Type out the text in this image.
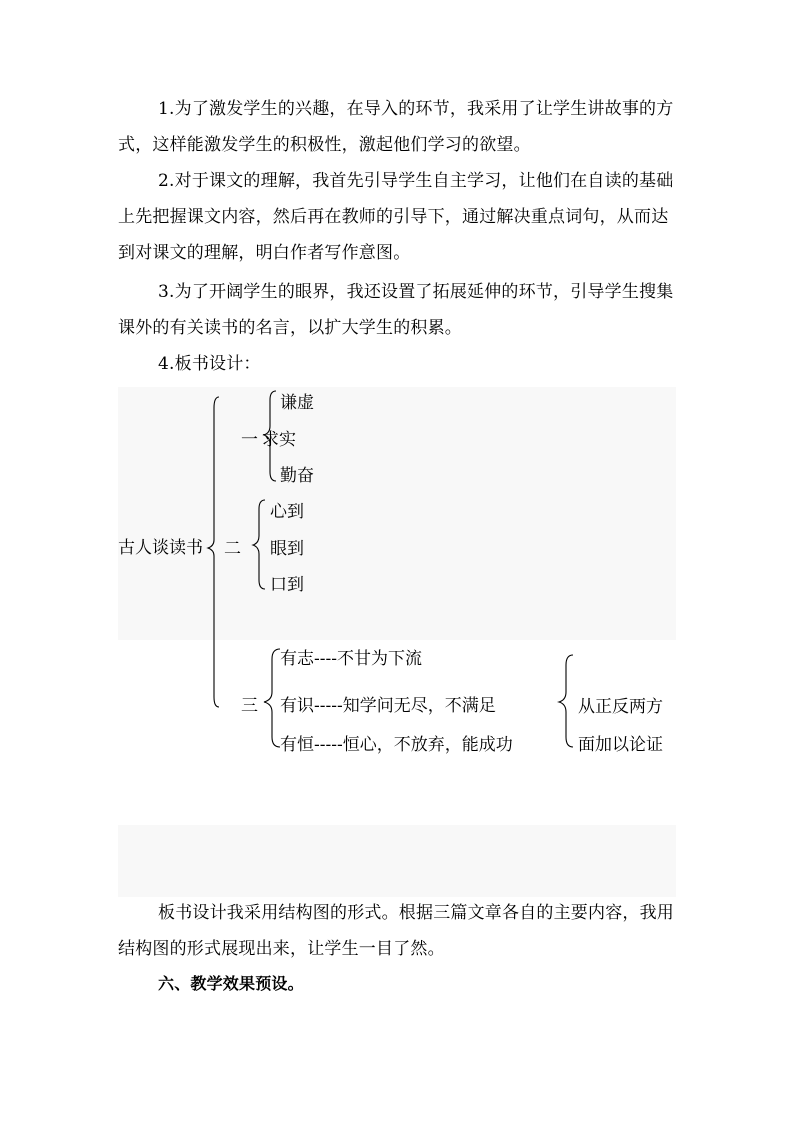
1.为了激发学生的兴趣，在导入的环节，我采用了让学生讲故事的方式，这样能激发学生的积极性，激起他们学习的欲望。

2.对于课文的理解，我首先引导学生自主学习，让他们在自读的基础上先把握课文内容，然后再在教师的引导下，通过解决重点词句，从而达到对课文的理解，明白作者写作意图。

3.为了开阔学生的眼界，我还设置了拓展延伸的环节，引导学生搜集课外的有关读书的名言，以扩大学生的积累。

4.板书设计：

古人谈读书
一
谦虚
求实
勤奋
二
心到
眼到
口到
三
有志----不甘为下流
有识-----知学问无尽，不满足
有恒-----恒心，不放弃，能成功
从正反两方
面加以论证

板书设计我采用结构图的形式。根据三篇文章各自的主要内容，我用结构图的形式展现出来，让学生一目了然。

六、教学效果预设。
